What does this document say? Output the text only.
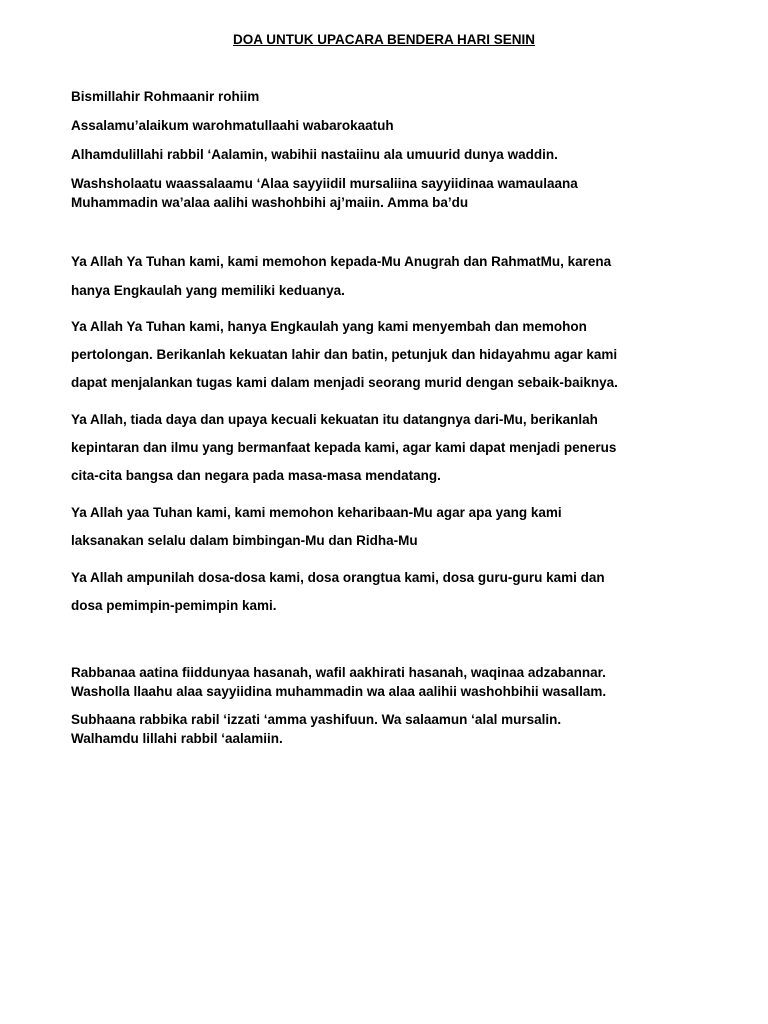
DOA UNTUK UPACARA BENDERA HARI SENIN
Bismillahir Rohmaanir rohiim
Assalamu’alaikum warohmatullaahi wabarokaatuh
Alhamdulillahi rabbil ‘Aalamin, wabihii nastaiinu ala umuurid dunya waddin.
Washsholaatu waassalaamu ‘Alaa sayyiidil mursaliina sayyiidinaa wamaulaana
Muhammadin wa’alaa aalihi washohbihi aj’maiin. Amma ba’du
Ya Allah Ya Tuhan kami, kami memohon kepada-Mu Anugrah dan RahmatMu, karena
hanya Engkaulah yang memiliki keduanya.
Ya Allah Ya Tuhan kami, hanya Engkaulah yang kami menyembah dan memohon
pertolongan. Berikanlah kekuatan lahir dan batin, petunjuk dan hidayahmu agar kami
dapat menjalankan tugas kami dalam menjadi seorang murid dengan sebaik-baiknya.
Ya Allah, tiada daya dan upaya kecuali kekuatan itu datangnya dari-Mu, berikanlah
kepintaran dan ilmu yang bermanfaat kepada kami, agar kami dapat menjadi penerus
cita-cita bangsa dan negara pada masa-masa mendatang.
Ya Allah yaa Tuhan kami, kami memohon keharibaan-Mu agar apa yang kami
laksanakan selalu dalam bimbingan-Mu dan Ridha-Mu
Ya Allah ampunilah dosa-dosa kami, dosa orangtua kami, dosa guru-guru kami dan
dosa pemimpin-pemimpin kami.
Rabbanaa aatina fiiddunyaa hasanah, wafil aakhirati hasanah, waqinaa adzabannar.
Washolla llaahu alaa sayyiidina muhammadin wa alaa aalihii washohbihii wasallam.
Subhaana rabbika rabil ‘izzati ‘amma yashifuun. Wa salaamun ‘alal mursalin.
Walhamdu lillahi rabbil ‘aalamiin.
